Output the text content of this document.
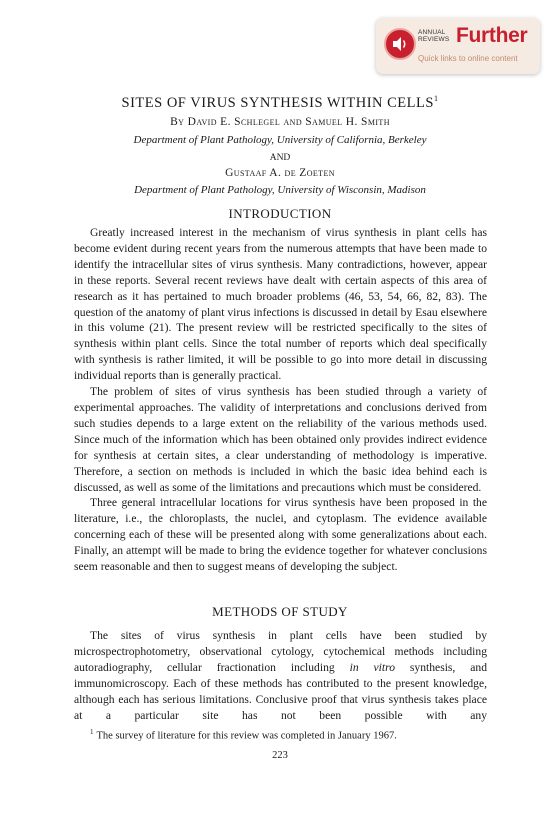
ANNUAL
REVIEWS Further
Quick links to online content
SITES OF VIRUS SYNTHESIS WITHIN CELLS$^1$
By David E. Schlegel and Samuel H. Smith
Department of Plant Pathology, University of California, Berkeley
AND
Gustaaf A. de Zoeten
Department of Plant Pathology, University of Wisconsin, Madison
INTRODUCTION

Greatly increased interest in the mechanism of virus synthesis in plant cells has become evident during recent years from the numerous attempts that have been made to identify the intracellular sites of virus synthesis. Many contradictions, however, appear in these reports. Several recent reviews have dealt with certain aspects of this area of research as it has pertained to much broader problems (46, 53, 54, 66, 82, 83). The question of the anatomy of plant virus infections is discussed in detail by Esau elsewhere in this volume (21). The present review will be restricted specifically to the sites of synthesis within plant cells. Since the total number of reports which deal specifically with synthesis is rather limited, it will be possible to go into more detail in discussing individual reports than is generally practical.

The problem of sites of virus synthesis has been studied through a variety of experimental approaches. The validity of interpretations and conclusions derived from such studies depends to a large extent on the reliability of the various methods used. Since much of the information which has been obtained only provides indirect evidence for synthesis at certain sites, a clear understanding of methodology is imperative. Therefore, a section on methods is included in which the basic idea behind each is discussed, as well as some of the limitations and precautions which must be considered.

Three general intracellular locations for virus synthesis have been proposed in the literature, i.e., the chloroplasts, the nuclei, and cytoplasm. The evidence available concerning each of these will be presented along with some generalizations about each. Finally, an attempt will be made to bring the evidence together for whatever conclusions seem reasonable and then to suggest means of developing the subject.

METHODS OF STUDY

The sites of virus synthesis in plant cells have been studied by microspectrophotometry, observational cytology, cytochemical methods including autoradiography, cellular fractionation including in vitro synthesis, and immunomicroscopy. Each of these methods has contributed to the present knowledge, although each has serious limitations. Conclusive proof that virus synthesis takes place at a particular site has not been possible with any

$^1$ The survey of literature for this review was completed in January 1967.
223
